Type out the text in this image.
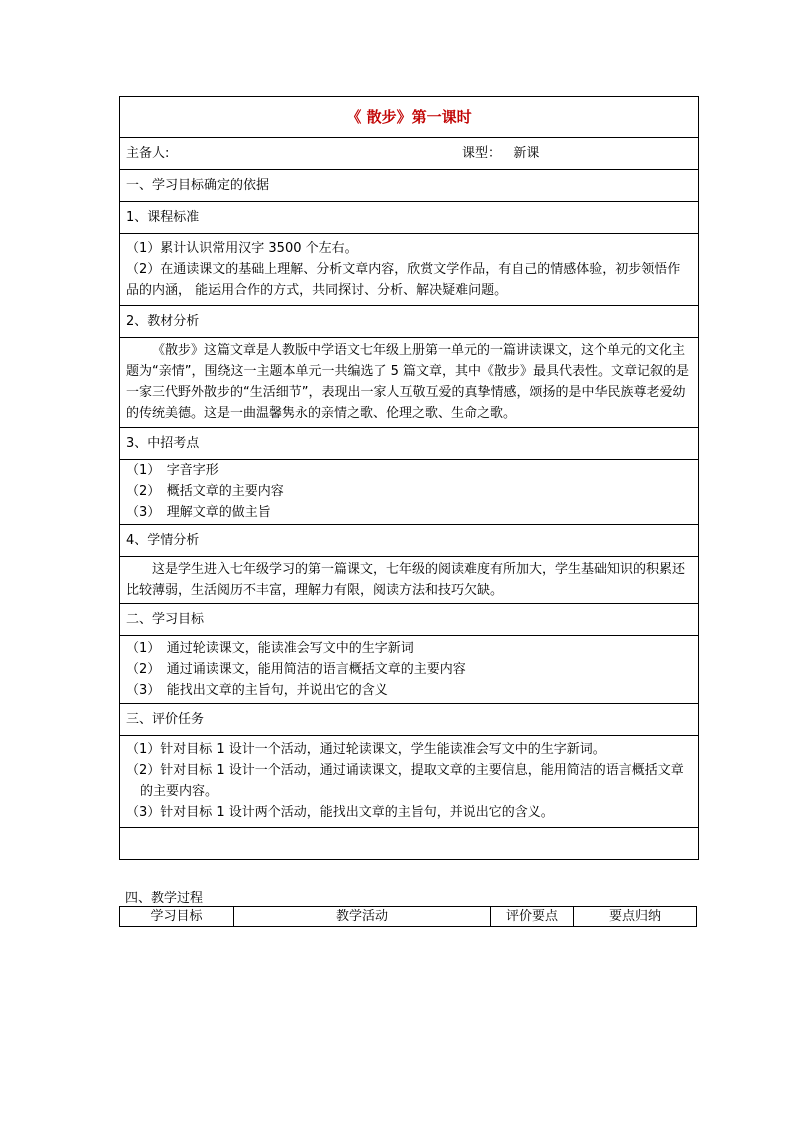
《 散步》第一课时
主备人:	课型： 新课

一、学习目标确定的依据
1、课程标准

（1）累计认识常用汉字 3500 个左右。

（2）在通读课文的基础上理解、分析文章内容，欣赏文学作品，有自己的情感体验，初步领悟作品的内涵， 能运用合作的方式，共同探讨、分析、解决疑难问题。

2、教材分析

《散步》这篇文章是人教版中学语文七年级上册第一单元的一篇讲读课文，这个单元的文化主题为“亲情”，围绕这一主题本单元一共编选了 5 篇文章，其中《散步》最具代表性。文章记叙的是一家三代野外散步的“生活细节”，表现出一家人互敬互爱的真挚情感，颂扬的是中华民族尊老爱幼的传统美德。这是一曲温馨隽永的亲情之歌、伦理之歌、生命之歌。

3、中招考点

（1）　字音字形

（2）　概括文章的主要内容

（3）　理解文章的做主旨

4、学情分析

这是学生进入七年级学习的第一篇课文，七年级的阅读难度有所加大，学生基础知识的积累还比较薄弱，生活阅历不丰富，理解力有限，阅读方法和技巧欠缺。

二、学习目标

（1）　通过轮读课文，能读准会写文中的生字新词

（2）　通过诵读课文，能用简洁的语言概括文章的主要内容

（3）　能找出文章的主旨句，并说出它的含义

三、评价任务

（1）针对目标 1 设计一个活动，通过轮读课文，学生能读准会写文中的生字新词。

（2）针对目标 1 设计一个活动，通过诵读课文，提取文章的主要信息，能用简洁的语言概括文章的主要内容。

（3）针对目标 1 设计两个活动，能找出文章的主旨句，并说出它的含义。

四、教学过程
学习目标	教学活动	评价要点	要点归纳
